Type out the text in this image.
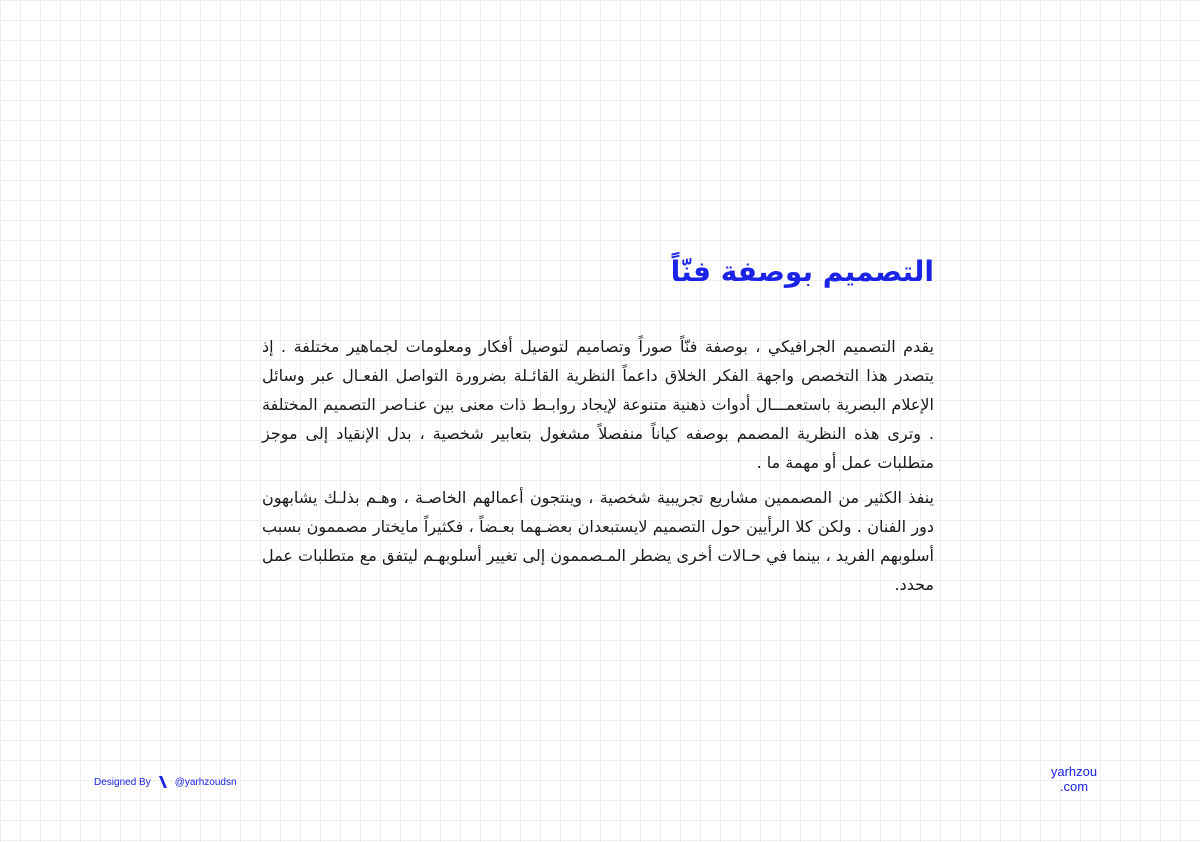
التصميم بوصفة فنّاً

يقدم التصميم الجرافيكي ، بوصفة فنّاً صوراً وتصاميم لتوصيل أفكار ومعلومات لجماهير مختلفة . إذ يتصدر هذا التخصص واجهة الفكر الخلاق داعماً النظرية القائـلة بضرورة التواصل الفعـال عبر وسائل الإعلام البصرية باستعمـــال أدوات ذهنية متنوعة لإيجاد روابـط ذات معنى بين عنـاصر التصميم المختلفة . وترى هذه النظرية المصمم بوصفه كياناً منفصلاً مشغول بتعابير شخصية ، بدل الإنقياد إلى موجز متطلبات عمل أو مهمة ما .

ينفذ الكثير من المصممين مشاريع تجريبية شخصية ، وينتجون أعمالهم الخاصـة ، وهـم بذلـك يشابهون دور الفنان . ولكن كلا الرأيين حول التصميم لايستبعدان بعضـهما بعـضاً ، فكثيراً مايختار مصممون بسبب أسلوبهم الفريد ، بينما في حـالات أخرى يضطر المـصممون إلى تغيير أسلوبهـم ليتفق مع متطلبات عمل محدد.

Designed By @yarhzoudsn
yarhzou
.com
